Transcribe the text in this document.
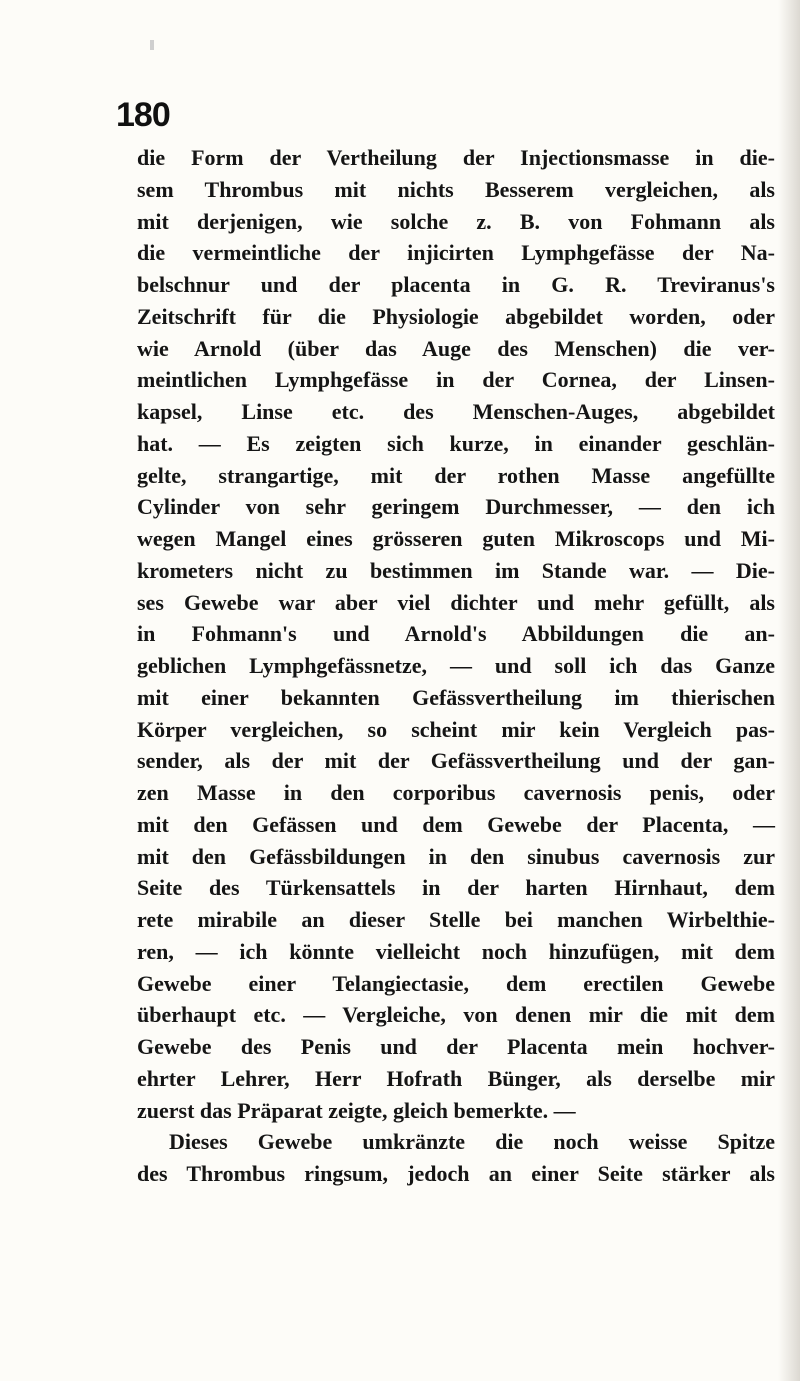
180
die Form der Vertheilung der Injectionsmasse in die-
sem Thrombus mit nichts Besserem vergleichen, als
mit derjenigen, wie solche z. B. von Fohmann als
die vermeintliche der injicirten Lymphgefässe der Na-
belschnur und der placenta in G. R. Treviranus's
Zeitschrift für die Physiologie abgebildet worden, oder
wie Arnold (über das Auge des Menschen) die ver-
meintlichen Lymphgefässe in der Cornea, der Linsen-
kapsel, Linse etc. des Menschen-Auges, abgebildet
hat. — Es zeigten sich kurze, in einander geschlän-
gelte, strangartige, mit der rothen Masse angefüllte
Cylinder von sehr geringem Durchmesser, — den ich
wegen Mangel eines grösseren guten Mikroscops und Mi-
krometers nicht zu bestimmen im Stande war. — Die-
ses Gewebe war aber viel dichter und mehr gefüllt, als
in Fohmann's und Arnold's Abbildungen die an-
geblichen Lymphgefässnetze, — und soll ich das Ganze
mit einer bekannten Gefässvertheilung im thierischen
Körper vergleichen, so scheint mir kein Vergleich pas-
sender, als der mit der Gefässvertheilung und der gan-
zen Masse in den corporibus cavernosis penis, oder
mit den Gefässen und dem Gewebe der Placenta, —
mit den Gefässbildungen in den sinubus cavernosis zur
Seite des Türkensattels in der harten Hirnhaut, dem
rete mirabile an dieser Stelle bei manchen Wirbelthie-
ren, — ich könnte vielleicht noch hinzufügen, mit dem
Gewebe einer Telangiectasie, dem erectilen Gewebe
überhaupt etc. — Vergleiche, von denen mir die mit dem
Gewebe des Penis und der Placenta mein hochver-
ehrter Lehrer, Herr Hofrath Bünger, als derselbe mir
zuerst das Präparat zeigte, gleich bemerkte. —
Dieses Gewebe umkränzte die noch weisse Spitze
des Thrombus ringsum, jedoch an einer Seite stärker als
